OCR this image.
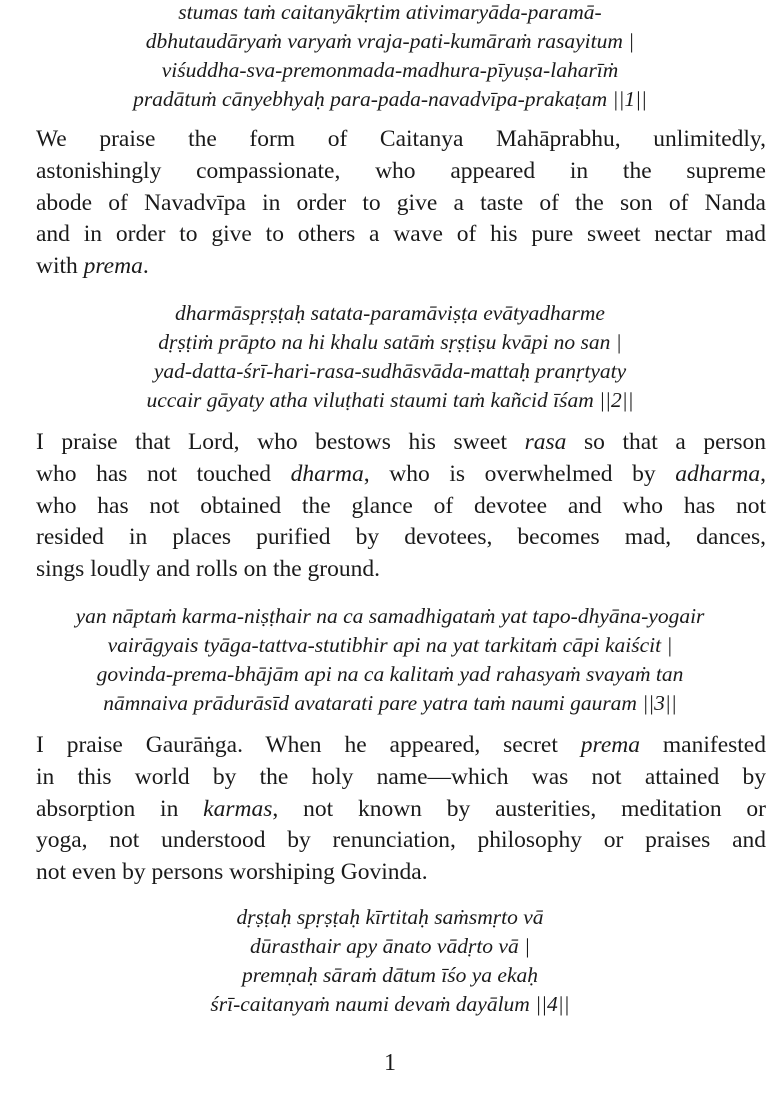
stumas taṁ caitanyākṛtim ativimaryāda-paramā-
dbhutaudāryaṁ varyaṁ vraja-pati-kumāraṁ rasayitum |
viśuddha-sva-premonmada-madhura-pīyuṣa-laharīṁ
pradātuṁ cānyebhyaḥ para-pada-navadvīpa-prakaṭam ||1||
We praise the form of Caitanya Mahāprabhu, unlimitedly,
astonishingly compassionate, who appeared in the supreme
abode of Navadvīpa in order to give a taste of the son of Nanda
and in order to give to others a wave of his pure sweet nectar mad
with prema.
dharmāspṛṣṭaḥ satata-paramāviṣṭa evātyadharme
dṛṣṭiṁ prāpto na hi khalu satāṁ sṛṣṭiṣu kvāpi no san |
yad-datta-śrī-hari-rasa-sudhāsvāda-mattaḥ pranṛtyaty
uccair gāyaty atha viluṭhati staumi taṁ kañcid īśam ||2||
I praise that Lord, who bestows his sweet rasa so that a person
who has not touched dharma, who is overwhelmed by adharma,
who has not obtained the glance of devotee and who has not
resided in places purified by devotees, becomes mad, dances,
sings loudly and rolls on the ground.
yan nāptaṁ karma-niṣṭhair na ca samadhigataṁ yat tapo-dhyāna-yogair
vairāgyais tyāga-tattva-stutibhir api na yat tarkitaṁ cāpi kaiścit |
govinda-prema-bhājām api na ca kalitaṁ yad rahasyaṁ svayaṁ tan
nāmnaiva prādurāsīd avatarati pare yatra taṁ naumi gauram ||3||
I praise Gaurāṅga. When he appeared, secret prema manifested
in this world by the holy name—which was not attained by
absorption in karmas, not known by austerities, meditation or
yoga, not understood by renunciation, philosophy or praises and
not even by persons worshiping Govinda.
dṛṣṭaḥ spṛṣṭaḥ kīrtitaḥ saṁsmṛto vā
dūrasthair apy ānato vādṛto vā |
premṇaḥ sāraṁ dātum īśo ya ekaḥ
śrī-caitanyaṁ naumi devaṁ dayālum ||4||
1
